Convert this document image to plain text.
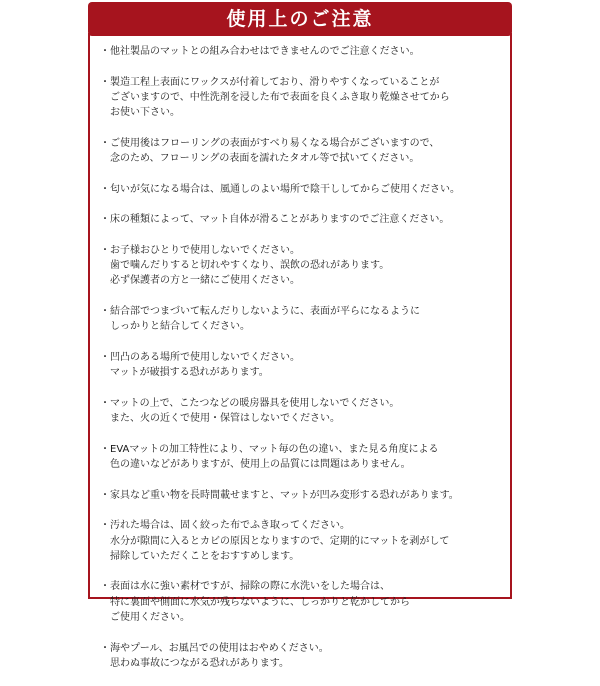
使用上のご注意
・ 他社製品のマットとの組み合わせはできませんのでご注意ください。
・ 製造工程上表面にワックスが付着しており、滑りやすくなっていることが
ございますので、中性洗剤を浸した布で表面を良くふき取り乾燥させてから
お使い下さい。
・ ご使用後はフローリングの表面がすべり易くなる場合がございますので、
念のため、フローリングの表面を濡れたタオル等で拭いてください。
・ 匂いが気になる場合は、風通しのよい場所で陰干ししてからご使用ください。
・ 床の種類によって、マット自体が滑ることがありますのでご注意ください。
・ お子様おひとりで使用しないでください。
歯で噛んだりすると切れやすくなり、誤飲の恐れがあります。
必ず保護者の方と一緒にご使用ください。
・ 結合部でつまづいて転んだりしないように、表面が平らになるように
しっかりと結合してください。
・ 凹凸のある場所で使用しないでください。
マットが破損する恐れがあります。
・ マットの上で、こたつなどの暖房器具を使用しないでください。
また、火の近くで使用・保管はしないでください。
・ EVAマットの加工特性により、マット毎の色の違い、また見る角度による
色の違いなどがありますが、使用上の品質には問題はありません。
・ 家具など重い物を長時間載せますと、マットが凹み変形する恐れがあります。
・ 汚れた場合は、固く絞った布でふき取ってください。
水分が隙間に入るとカビの原因となりますので、定期的にマットを剥がして
掃除していただくことをおすすめします。
・ 表面は水に強い素材ですが、掃除の際に水洗いをした場合は、
特に裏面や側面に水気が残らないように、しっかりと乾かしてから
ご使用ください。
・ 海やプール、お風呂での使用はおやめください。
思わぬ事故につながる恐れがあります。
